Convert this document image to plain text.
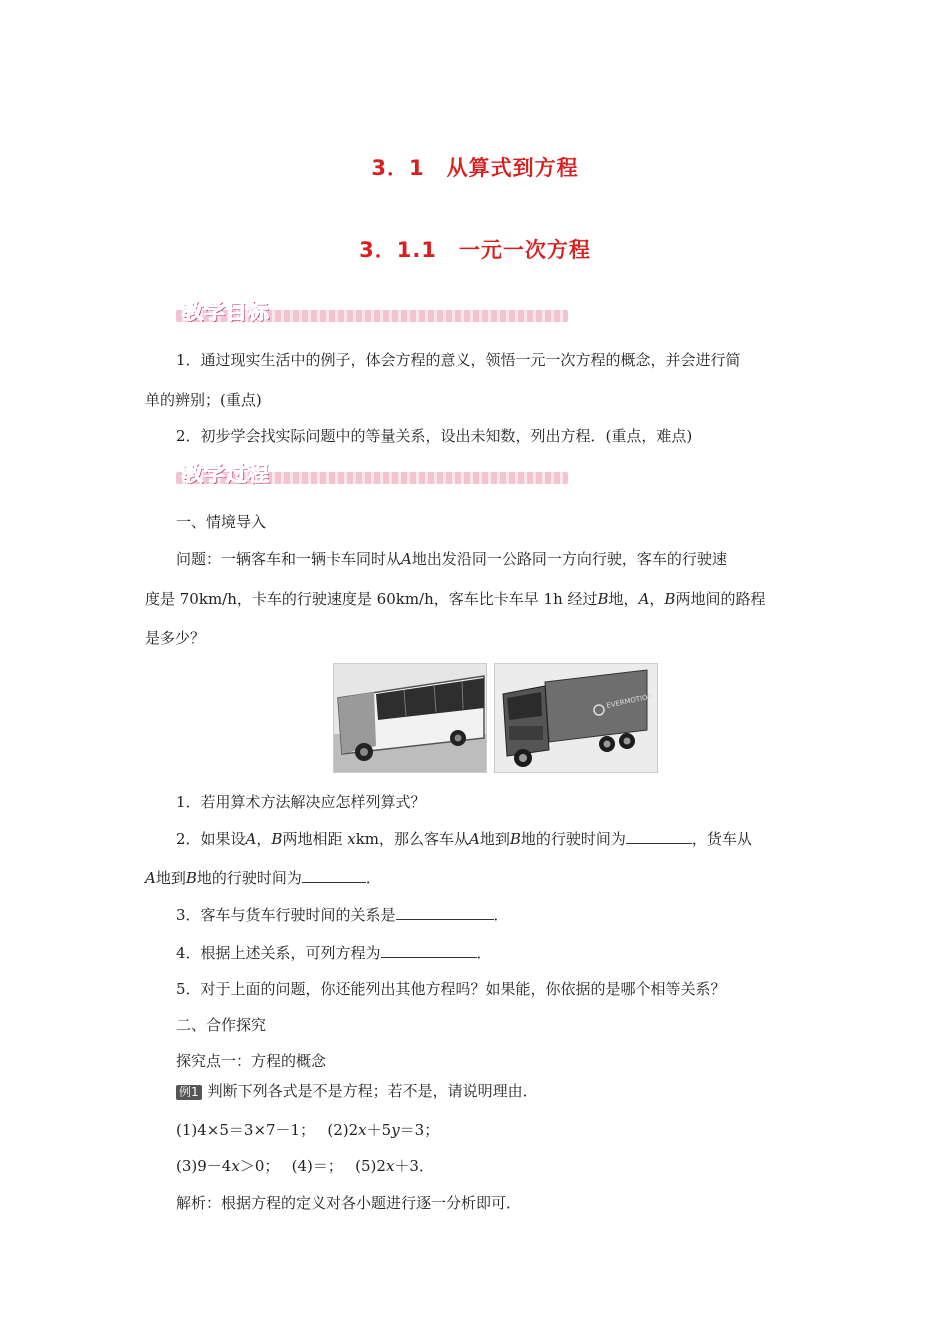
3．1　从算式到方程
3．1.1　一元一次方程
教学目标
1．通过现实生活中的例子，体会方程的意义，领悟一元一次方程的概念，并会进行简
单的辨别；(重点)
2．初步学会找实际问题中的等量关系，设出未知数，列出方程．(重点，难点)
教学过程
一、情境导入
问题：一辆客车和一辆卡车同时从A地出发沿同一公路同一方向行驶，客车的行驶速
度是 70km/h，卡车的行驶速度是 60km/h，客车比卡车早 1h 经过B地，A，B两地间的路程
是多少？
EVERMOTION
1．若用算术方法解决应怎样列算式？
2．如果设A，B两地相距 xkm，那么客车从A地到B地的行驶时间为	，货车从
A地到B地的行驶时间为	．
3．客车与货车行驶时间的关系是	．
4．根据上述关系，可列方程为	．
5．对于上面的问题，你还能列出其他方程吗？如果能，你依据的是哪个相等关系？
二、合作探究
探究点一：方程的概念
例1 判断下列各式是不是方程；若不是，请说明理由．
(1)4×5＝3×7－1；　 (2)2x＋5y＝3；
(3)9－4x＞0；　 (4)＝；　 (5)2x＋3．
解析：根据方程的定义对各小题进行逐一分析即可．
